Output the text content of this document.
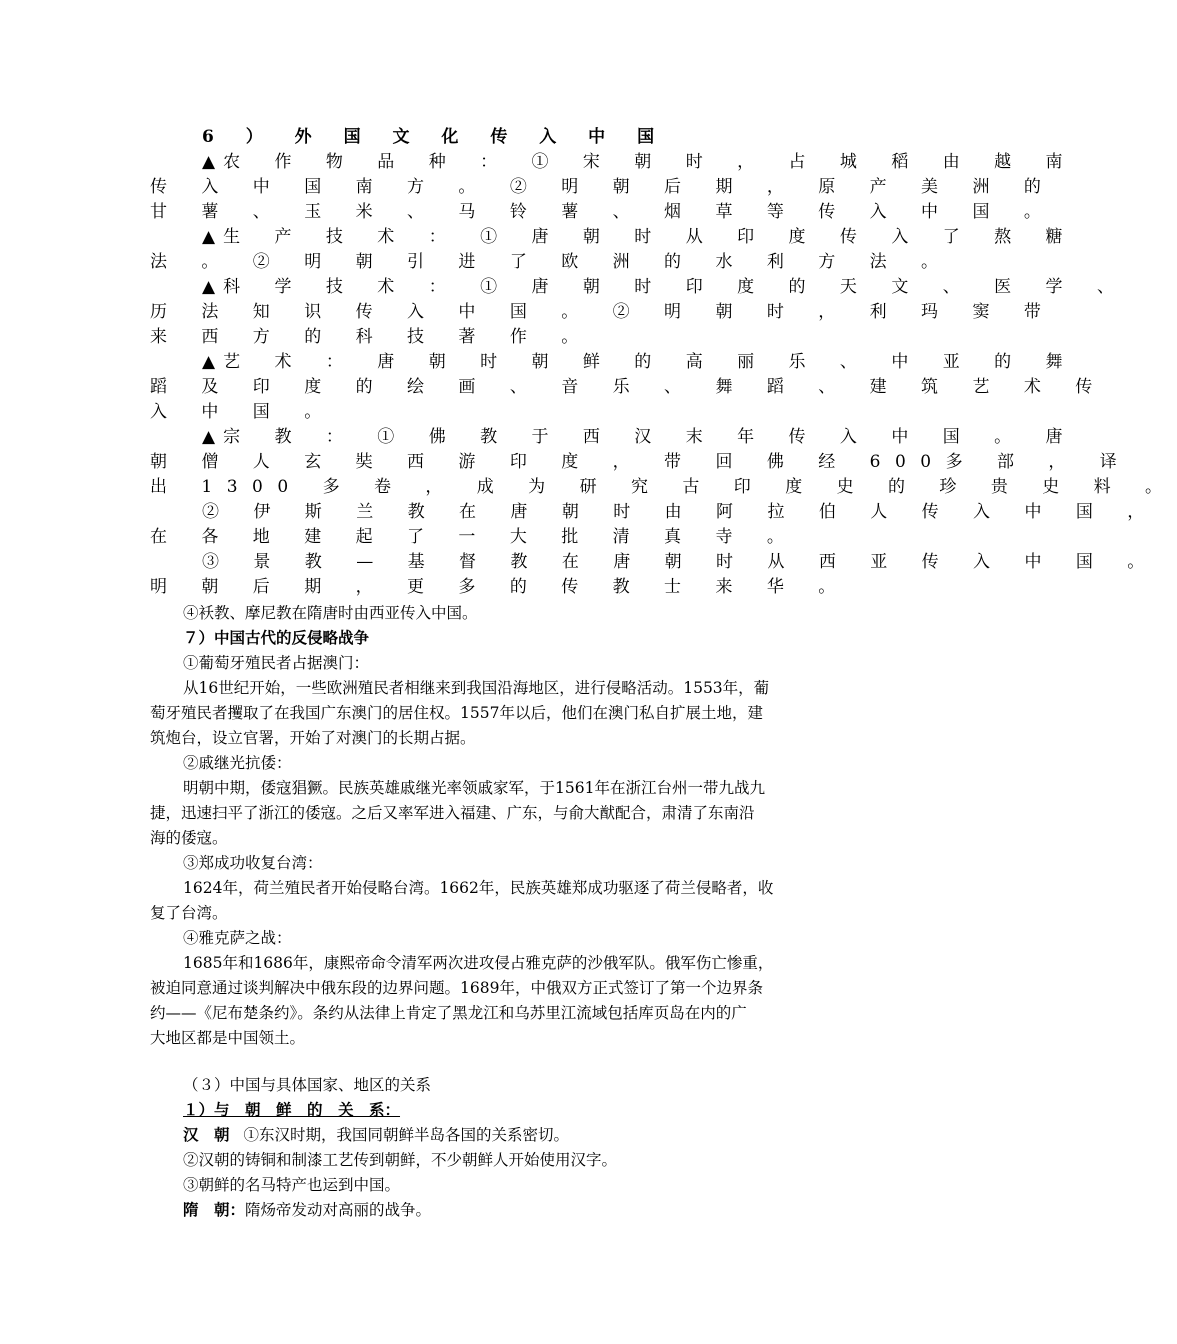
6 ） 外 国 文 化 传 入 中 国
▲ 农 作 物 品 种 ： ① 宋 朝 时 ， 占 城 稻 由 越 南
传 入 中 国 南 方 。 ② 明 朝 后 期 ， 原 产 美 洲 的
甘 薯 、 玉 米 、 马 铃 薯 、 烟 草 等 传 入 中 国 。
▲ 生 产 技 术 ： ① 唐 朝 时 从 印 度 传 入 了 熬 糖
法 。 ② 明 朝 引 进 了 欧 洲 的 水 利 方 法 。
▲ 科 学 技 术 ： ① 唐 朝 时 印 度 的 天 文 、 医 学 、
历 法 知 识 传 入 中 国 。 ② 明 朝 时 ， 利 玛 窦 带
来 西 方 的 科 技 著 作 。
▲ 艺 术 ： 唐 朝 时 朝 鲜 的 高 丽 乐 、 中 亚 的 舞
蹈 及 印 度 的 绘 画 、 音 乐 、 舞 蹈 、 建 筑 艺 术 传
入 中 国 。
▲ 宗 教 ： ① 佛 教 于 西 汉 末 年 传 入 中 国 。 唐
朝 僧 人 玄 奘 西 游 印 度 ， 带 回 佛 经 600多 部 ， 译
出 1300 多 卷 ， 成 为 研 究 古 印 度 史 的 珍 贵 史 料 。
② 伊 斯 兰 教 在 唐 朝 时 由 阿 拉 伯 人 传 入 中 国 ，
在 各 地 建 起 了 一 大 批 清 真 寺 。
③ 景 教 — 基 督 教 在 唐 朝 时 从 西 亚 传 入 中 国 。
明 朝 后 期 ， 更 多 的 传 教 士 来 华 。
④袄教、摩尼教在隋唐时由西亚传入中国。
７）中国古代的反侵略战争
①葡萄牙殖民者占据澳门：
从16世纪开始，一些欧洲殖民者相继来到我国沿海地区，进行侵略活动。1553年，葡
萄牙殖民者攫取了在我国广东澳门的居住权。1557年以后，他们在澳门私自扩展土地，建
筑炮台，设立官署，开始了对澳门的长期占据。
②戚继光抗倭：
明朝中期，倭寇猖獗。民族英雄戚继光率领戚家军，于1561年在浙江台州一带九战九
捷，迅速扫平了浙江的倭寇。之后又率军进入福建、广东，与俞大猷配合，肃清了东南沿
海的倭寇。
③郑成功收复台湾：
1624年，荷兰殖民者开始侵略台湾。1662年，民族英雄郑成功驱逐了荷兰侵略者，收
复了台湾。
④雅克萨之战：
1685年和1686年，康熙帝命令清军两次进攻侵占雅克萨的沙俄军队。俄军伤亡惨重，
被迫同意通过谈判解决中俄东段的边界问题。1689年，中俄双方正式签订了第一个边界条
约——《尼布楚条约》。条约从法律上肯定了黑龙江和乌苏里江流域包括库页岛在内的广
大地区都是中国领土。
（３）中国与具体国家、地区的关系
１）与　朝　鲜　的　关　系：
汉　朝 ①东汉时期，我国同朝鲜半岛各国的关系密切。
②汉朝的铸铜和制漆工艺传到朝鲜，不少朝鲜人开始使用汉字。
③朝鲜的名马特产也运到中国。
隋　朝：隋炀帝发动对高丽的战争。
